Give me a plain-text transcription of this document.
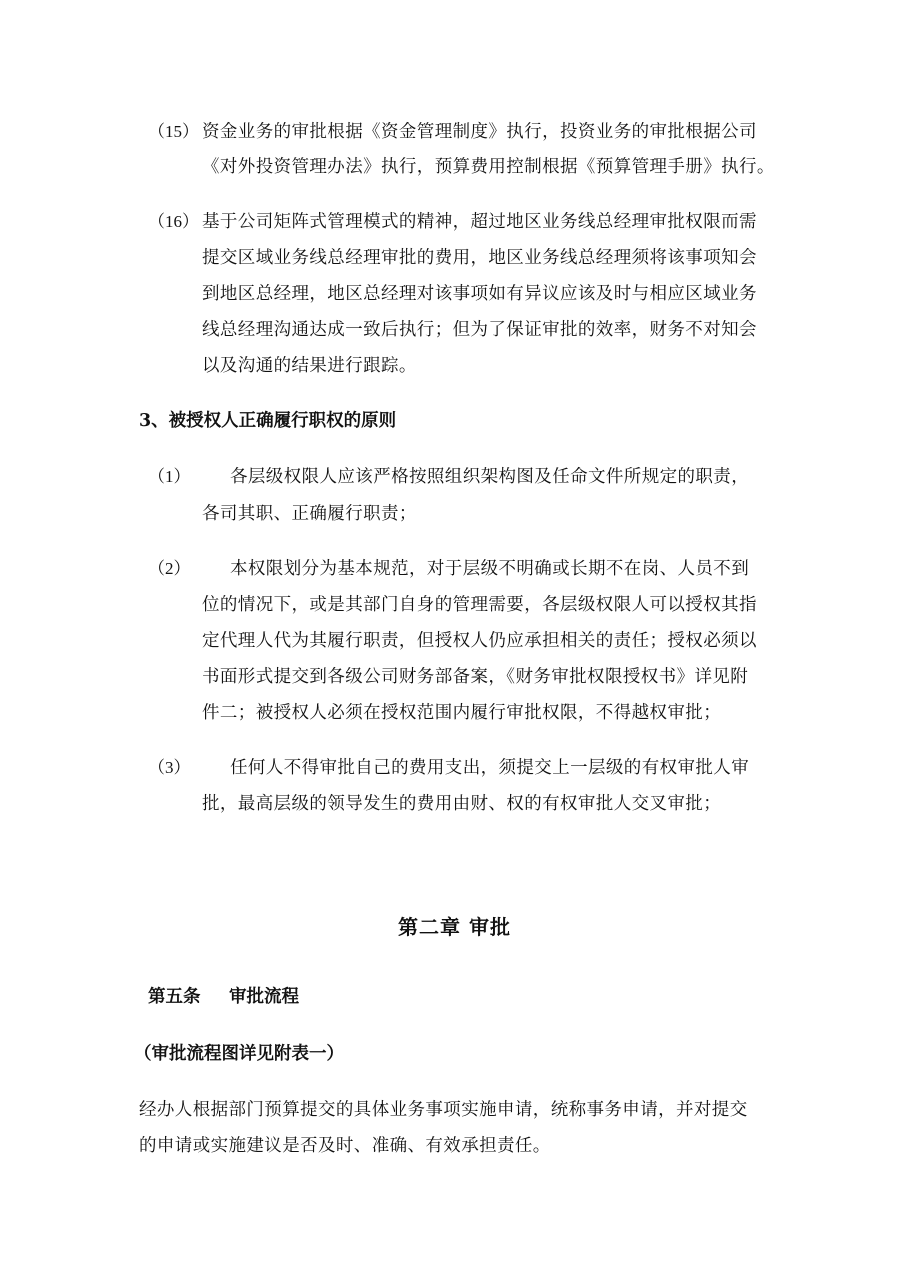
（15） 资金业务的审批根据《资金管理制度》执行，投资业务的审批根据公司
《对外投资管理办法》执行，预算费用控制根据《预算管理手册》执行。
（16） 基于公司矩阵式管理模式的精神，超过地区业务线总经理审批权限而需
提交区域业务线总经理审批的费用，地区业务线总经理须将该事项知会
到地区总经理，地区总经理对该事项如有异议应该及时与相应区域业务
线总经理沟通达成一致后执行；但为了保证审批的效率，财务不对知会
以及沟通的结果进行跟踪。
3、被授权人正确履行职权的原则
（1） 各层级权限人应该严格按照组织架构图及任命文件所规定的职责，
各司其职、正确履行职责；
（2） 本权限划分为基本规范，对于层级不明确或长期不在岗、人员不到
位的情况下，或是其部门自身的管理需要，各层级权限人可以授权其指
定代理人代为其履行职责，但授权人仍应承担相关的责任；授权必须以
书面形式提交到各级公司财务部备案，《财务审批权限授权书》详见附
件二；被授权人必须在授权范围内履行审批权限，不得越权审批；
（3） 任何人不得审批自己的费用支出，须提交上一层级的有权审批人审
批，最高层级的领导发生的费用由财、权的有权审批人交叉审批；
第二章 审批
第五条 审批流程
（审批流程图详见附表一）
经办人根据部门预算提交的具体业务事项实施申请，统称事务申请，并对提交
的申请或实施建议是否及时、准确、有效承担责任。
